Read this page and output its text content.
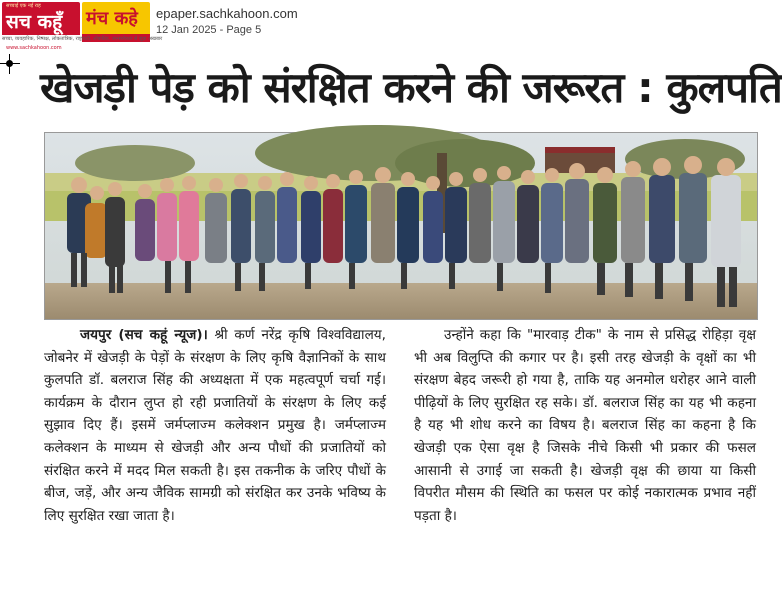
सच्चाई एक नई राह
सच कहूँ
www.sachkahoon.com
मंच कहे
सच्चा, व्यवहारिक, निष्पक्ष, लोकतांत्रिक, राष्ट्रवादी, लोकप्रिय, जनसरोकार से जुड़ा अखबार
epaper.sachkahoon.com
12 Jan 2025 - Page 5
खेजड़ी पेड़ को संरक्षित करने की जरूरत : कुलपति
जयपुर (सच कहूं न्यूज)। श्री कर्ण नरेंद्र कृषि विश्वविद्यालय, जोबनेर में खेजड़ी के पेड़ों के संरक्षण के लिए कृषि वैज्ञानिकों के साथ कुलपति डॉ. बलराज सिंह की अध्यक्षता में एक महत्वपूर्ण चर्चा गई। कार्यक्रम के दौरान लुप्त हो रही प्रजातियों के संरक्षण के लिए कई सुझाव दिए हैं। इसमें जर्मप्लाज्म कलेक्शन प्रमुख है। जर्मप्लाज्म कलेक्शन के माध्यम से खेजड़ी और अन्य पौधों की प्रजातियों को संरक्षित करने में मदद मिल सकती है। इस तकनीक के जरिए पौधों के बीज, जड़ें, और अन्य जैविक सामग्री को संरक्षित कर उनके भविष्य के लिए सुरक्षित रखा जाता है।
उन्होंने कहा कि "मारवाड़ टीक" के नाम से प्रसिद्ध रोहिड़ा वृक्ष भी अब विलुप्ति की कगार पर है। इसी तरह खेजड़ी के वृक्षों का भी संरक्षण बेहद जरूरी हो गया है, ताकि यह अनमोल धरोहर आने वाली पीढ़ियों के लिए सुरक्षित रह सके। डॉ. बलराज सिंह का यह भी कहना है यह भी शोध करने का विषय है। बलराज सिंह का कहना है कि खेजड़ी एक ऐसा वृक्ष है जिसके नीचे किसी भी प्रकार की फसल आसानी से उगाई जा सकती है। खेजड़ी वृक्ष की छाया या किसी विपरीत मौसम की स्थिति का फसल पर कोई नकारात्मक प्रभाव नहीं पड़ता है।
